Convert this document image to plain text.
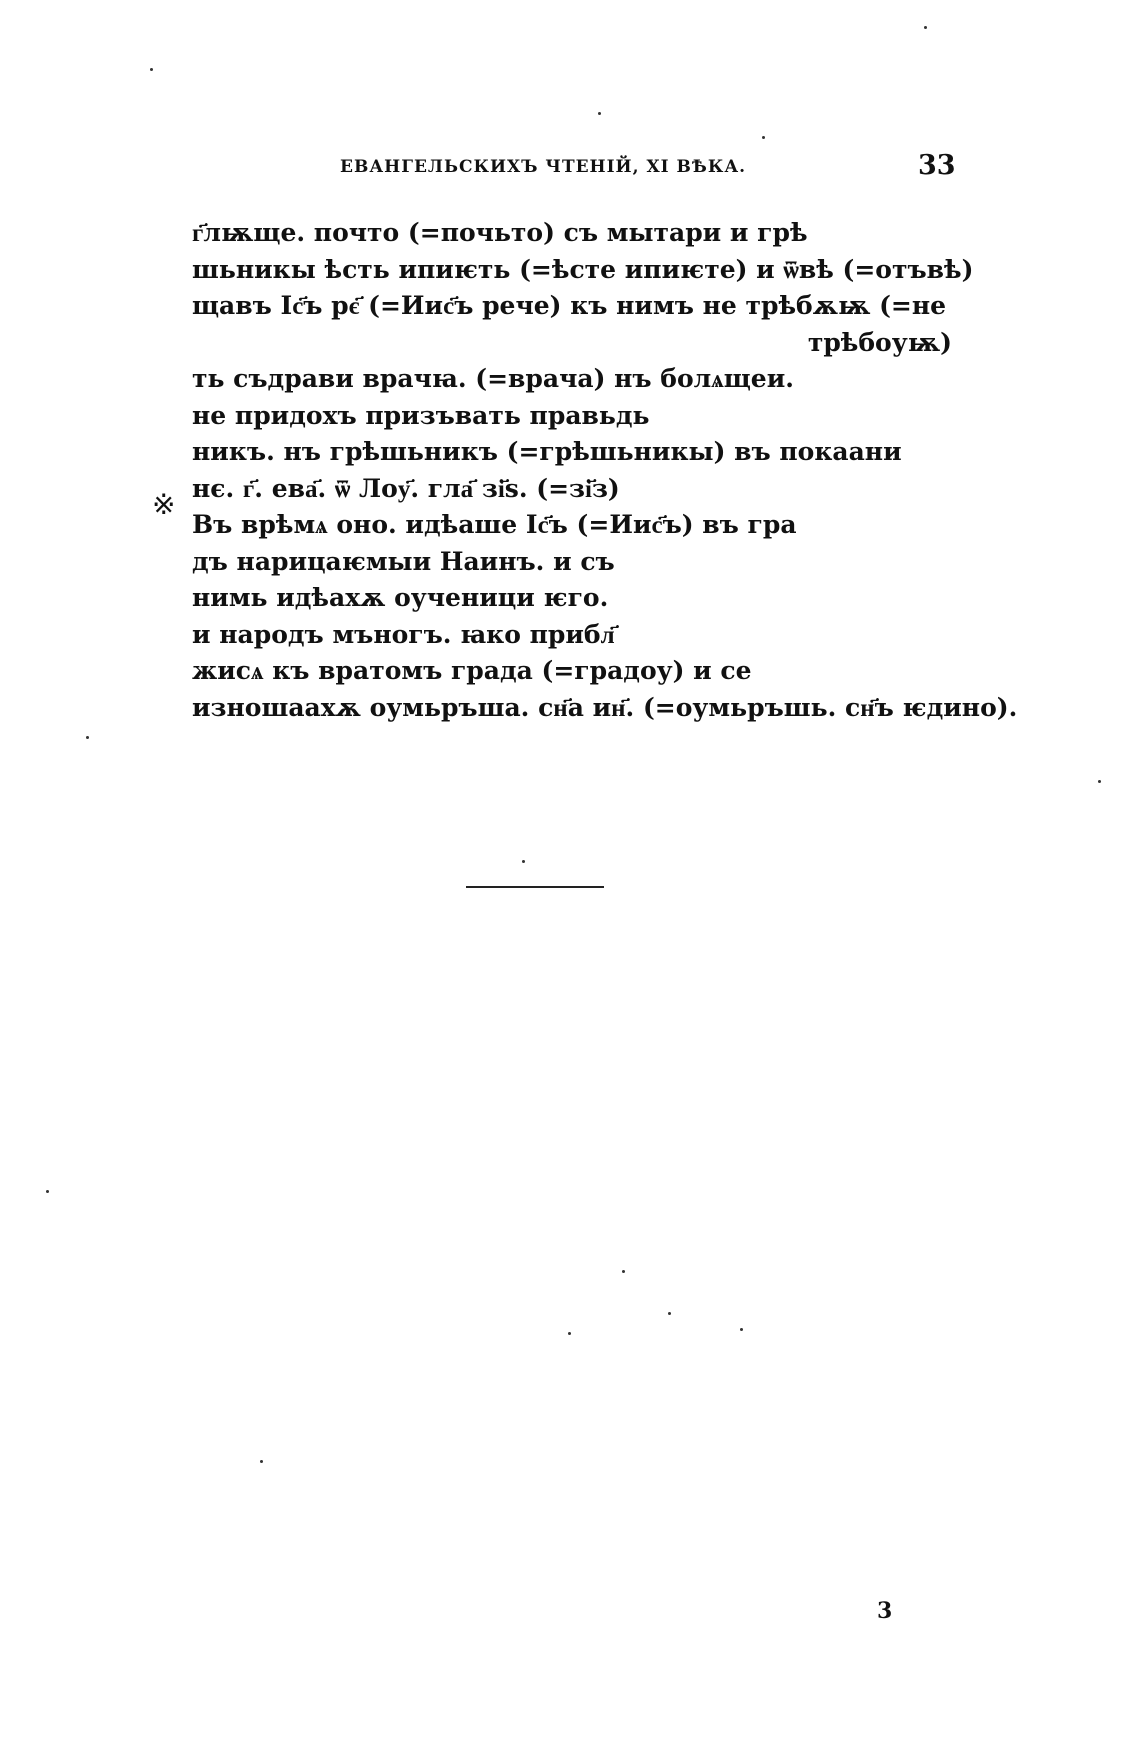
ЕВАНГЕЛЬСКИХЪ ЧТЕНІЙ, XI ВѢКА.	33
※
г҃лѭще. почто (=почьто) съ мытари и грѣ
шьникы ѣсть ипиѥть (=ѣсте ипиѥте) и ѿвѣ (=отъвѣ)
щавъ Іс҃ъ рє҃ (=Иис҃ъ рече) къ нимъ не трѣбѫѭ (=не
трѣбоуѭ)
ть съдрави врачꙗ. (=врачa) нъ болѧщеи.
не придохъ призъвать правьдь
никъ. нъ грѣшьникъ (=грѣшьникы) въ покаани
нє. г҃. ева҃. ѿ Лоу҃. гла҃ зі҃ѕ. (=зі҃з)
Въ врѣмѧ оно. идѣаше Іс҃ъ (=Иис҃ъ) въ гра
дъ нарицаѥмыи Наинъ. и съ
нимь идѣахѫ оученици ѥго.
и народъ мъногъ. ꙗко прибл҃
жисѧ къ вратомъ града (=градоу) и се
изношаахѫ оумьръша. сн҃а ин҃. (=оумьръшь. сн҃ъ ѥдино).
3
